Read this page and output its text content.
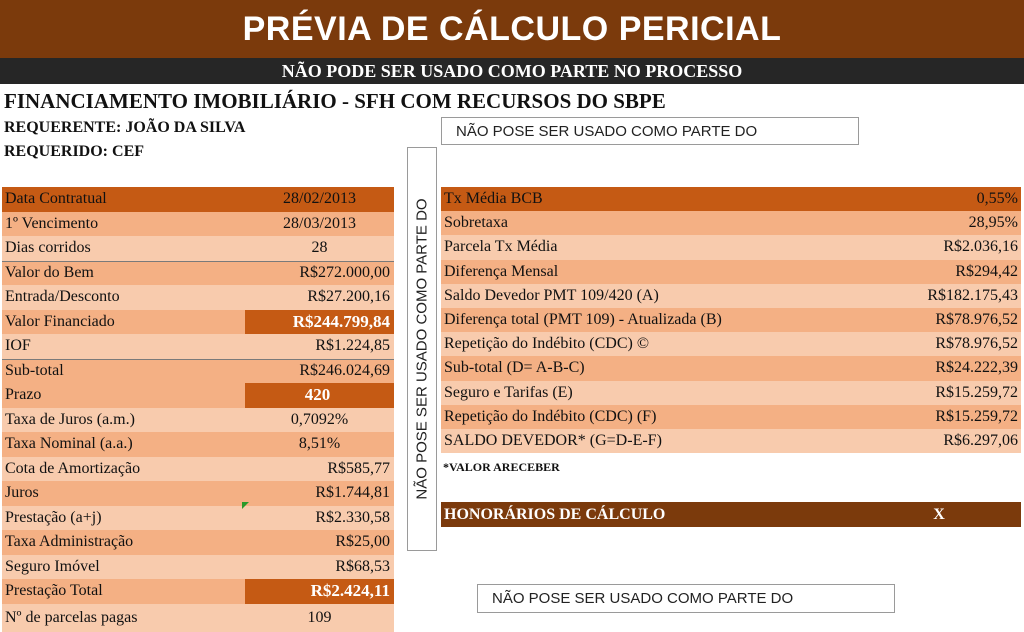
PRÉVIA DE CÁLCULO PERICIAL
NÃO PODE SER USADO COMO PARTE NO PROCESSO
FINANCIAMENTO IMOBILIÁRIO - SFH COM RECURSOS DO SBPE
REQUERENTE: JOÃO DA SILVA
REQUERIDO: CEF
NÃO POSE SER USADO COMO PARTE DO
NÃO POSE SER USADO COMO PARTE DO
Data Contratual	28/02/2013
1º Vencimento	28/03/2013
Dias corridos	28
Valor do Bem	R$272.000,00
Entrada/Desconto	R$27.200,16
Valor Financiado	R$244.799,84
IOF	R$1.224,85
Sub-total	R$246.024,69
Prazo	420
Taxa de Juros (a.m.)	0,7092%
Taxa Nominal (a.a.)	8,51%
Cota de Amortização	R$585,77
Juros	R$1.744,81
Prestação (a+j)	R$2.330,58
Taxa Administração	R$25,00
Seguro Imóvel	R$68,53
Prestação Total	R$2.424,11
Nº de parcelas pagas	109
Tx Média BCB	0,55%
Sobretaxa	28,95%
Parcela Tx Média	R$2.036,16
Diferença Mensal	R$294,42
Saldo Devedor PMT 109/420 (A)	R$182.175,43
Diferença total (PMT 109) - Atualizada (B)	R$78.976,52
Repetição do Indébito (CDC) ©	R$78.976,52
Sub-total (D= A-B-C)	R$24.222,39
Seguro e Tarifas (E)	R$15.259,72
Repetição do Indébito (CDC) (F)	R$15.259,72
SALDO DEVEDOR* (G=D-E-F)	R$6.297,06
*VALOR ARECEBER
HONORÁRIOS DE CÁLCULO	X
NÃO POSE SER USADO COMO PARTE DO
